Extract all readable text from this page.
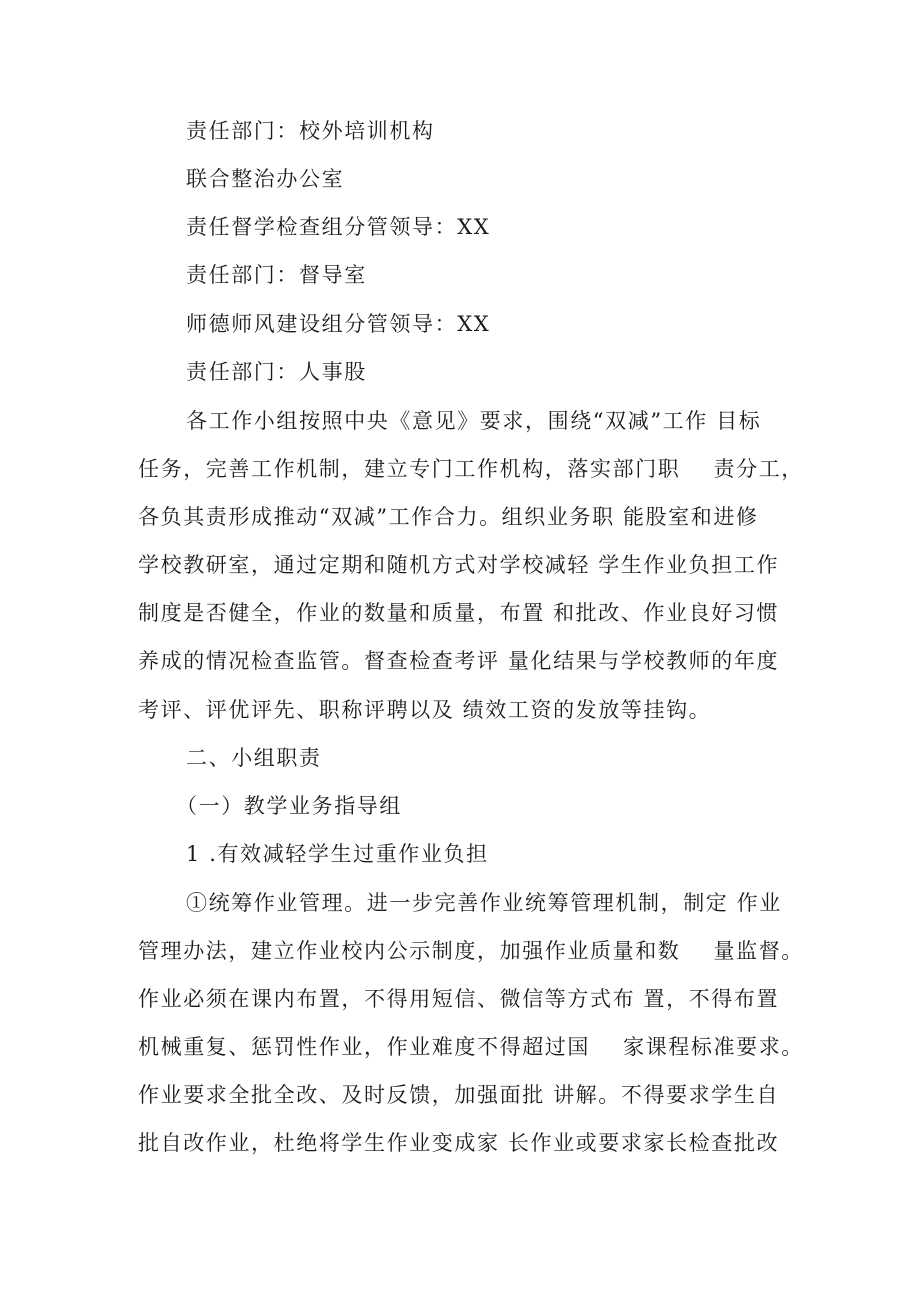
责任部门：校外培训机构
联合整治办公室
责任督学检查组分管领导：XX
责任部门：督导室
师德师风建设组分管领导：XX
责任部门：人事股
各工作小组按照中央《意见》要求，围绕“双减”工作 目标
任务，完善工作机制，建立专门工作机构，落实部门职    责分工，
各负其责形成推动“双减”工作合力。组织业务职 能股室和进修
学校教研室，通过定期和随机方式对学校减轻 学生作业负担工作
制度是否健全，作业的数量和质量，布置 和批改、作业良好习惯
养成的情况检查监管。督查检查考评 量化结果与学校教师的年度
考评、评优评先、职称评聘以及 绩效工资的发放等挂钩。
二、小组职责
（一）教学业务指导组
1 .有效减轻学生过重作业负担
①统筹作业管理。进一步完善作业统筹管理机制，制定 作业
管理办法，建立作业校内公示制度，加强作业质量和数    量监督。
作业必须在课内布置，不得用短信、微信等方式布 置，不得布置
机械重复、惩罚性作业，作业难度不得超过国    家课程标准要求。
作业要求全批全改、及时反馈，加强面批 讲解。不得要求学生自
批自改作业，杜绝将学生作业变成家 长作业或要求家长检查批改
